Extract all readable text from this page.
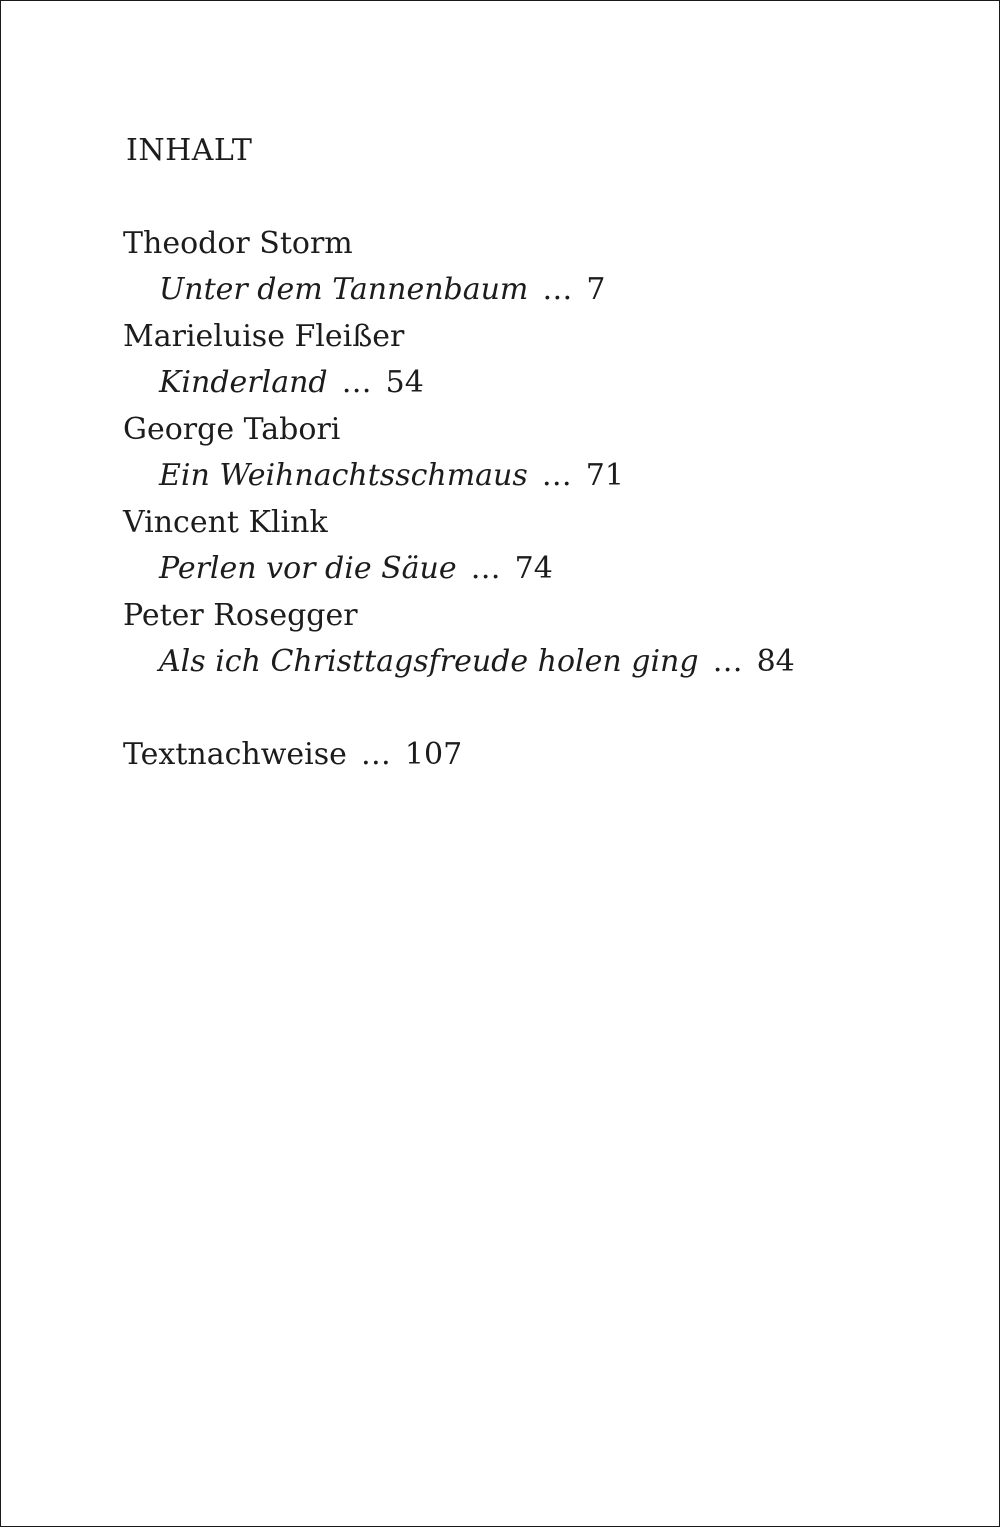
INHALT
Theodor Storm
Unter dem Tannenbaum … 7
Marieluise Fleißer
Kinderland … 54
George Tabori
Ein Weihnachtsschmaus … 71
Vincent Klink
Perlen vor die Säue … 74
Peter Rosegger
Als ich Christtagsfreude holen ging … 84
Textnachweise … 107
